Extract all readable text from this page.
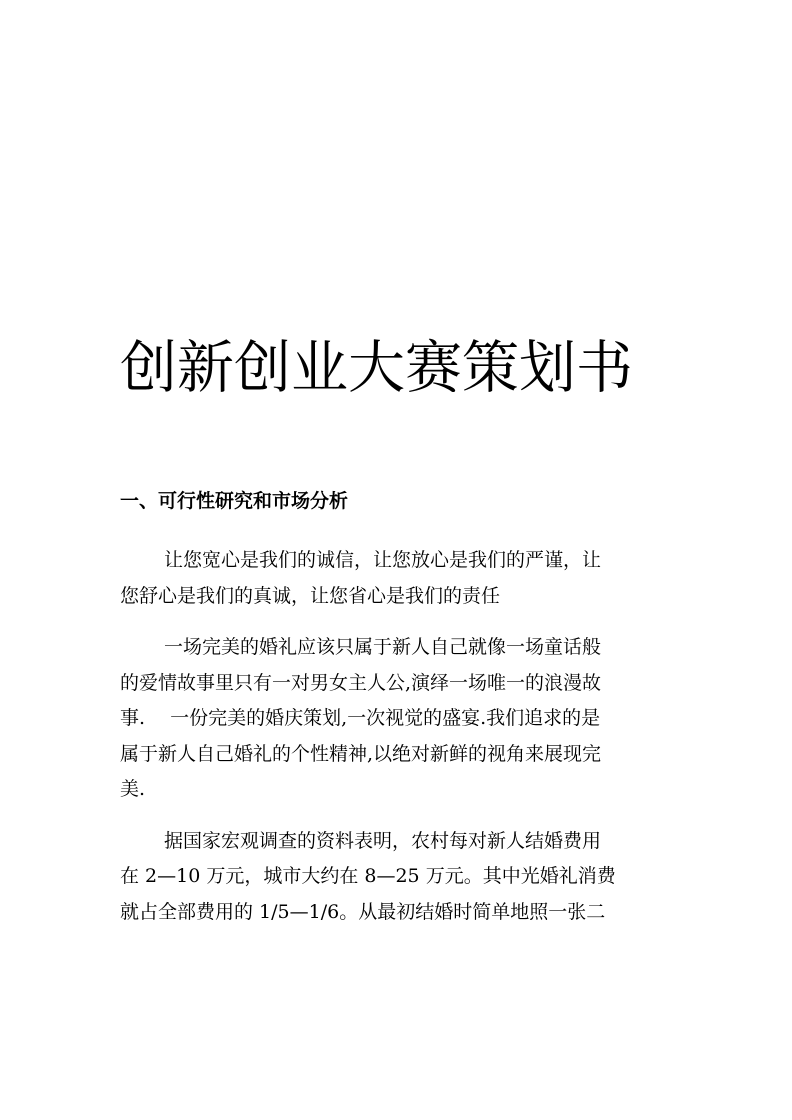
创新创业大赛策划书
一、可行性研究和市场分析

让您宽心是我们的诚信，让您放心是我们的严谨，让
您舒心是我们的真诚，让您省心是我们的责任

一场完美的婚礼应该只属于新人自己就像一场童话般
的爱情故事里只有一对男女主人公,演绎一场唯一的浪漫故
事.　 一份完美的婚庆策划,一次视觉的盛宴.我们追求的是
属于新人自己婚礼的个性精神,以绝对新鲜的视角来展现完
美.

据国家宏观调查的资料表明，农村每对新人结婚费用
在 2—10 万元，城市大约在 8—25 万元。其中光婚礼消费
就占全部费用的 1/5—1/6。从最初结婚时简单地照一张二
